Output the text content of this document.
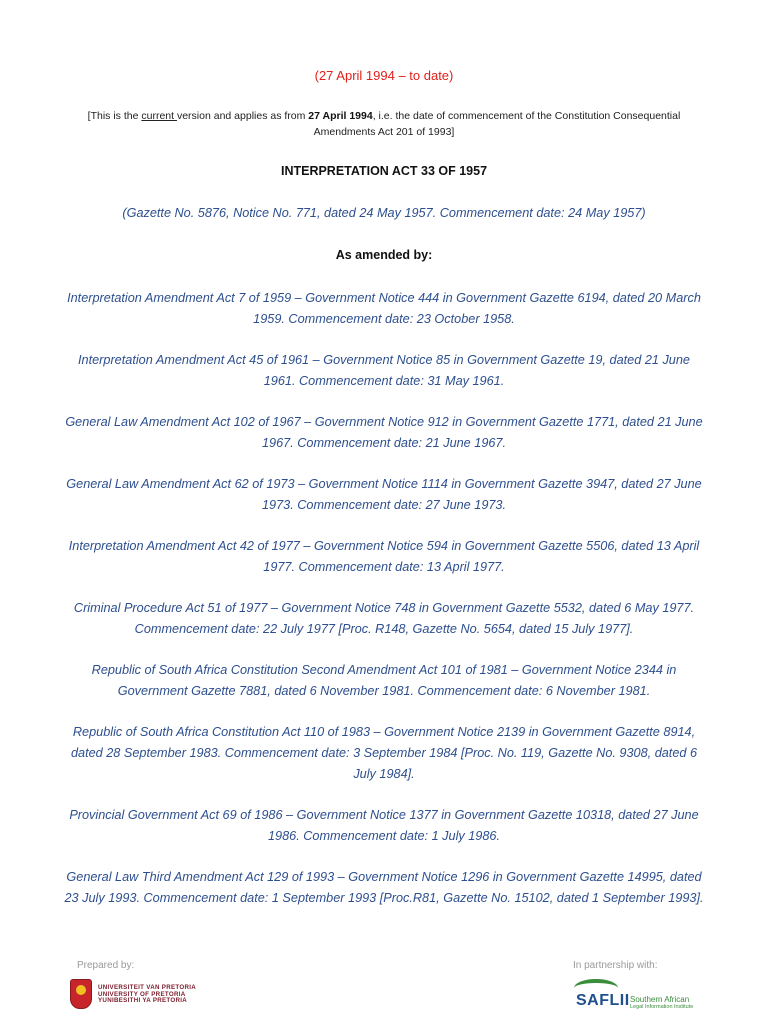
(27 April 1994 – to date)
[This is the current version and applies as from 27 April 1994, i.e. the date of commencement of the Constitution Consequential
Amendments Act 201 of 1993]
INTERPRETATION ACT 33 OF 1957
(Gazette No. 5876, Notice No. 771, dated 24 May 1957. Commencement date: 24 May 1957)
As amended by:

Interpretation Amendment Act 7 of 1959 – Government Notice 444 in Government Gazette 6194, dated 20 March 1959. Commencement date: 23 October 1958.

Interpretation Amendment Act 45 of 1961 – Government Notice 85 in Government Gazette 19, dated 21 June 1961. Commencement date: 31 May 1961.

General Law Amendment Act 102 of 1967 – Government Notice 912 in Government Gazette 1771, dated 21 June 1967. Commencement date: 21 June 1967.

General Law Amendment Act 62 of 1973 – Government Notice 1114 in Government Gazette 3947, dated 27 June 1973. Commencement date: 27 June 1973.

Interpretation Amendment Act 42 of 1977 – Government Notice 594 in Government Gazette 5506, dated 13 April 1977. Commencement date: 13 April 1977.

Criminal Procedure Act 51 of 1977 – Government Notice 748 in Government Gazette 5532, dated 6 May 1977. Commencement date: 22 July 1977 [Proc. R148, Gazette No. 5654, dated 15 July 1977].

Republic of South Africa Constitution Second Amendment Act 101 of 1981 – Government Notice 2344 in Government Gazette 7881, dated 6 November 1981. Commencement date: 6 November 1981.

Republic of South Africa Constitution Act 110 of 1983 – Government Notice 2139 in Government Gazette 8914, dated 28 September 1983. Commencement date: 3 September 1984 [Proc. No. 119, Gazette No. 9308, dated 6 July 1984].

Provincial Government Act 69 of 1986 – Government Notice 1377 in Government Gazette 10318, dated 27 June 1986. Commencement date: 1 July 1986.

General Law Third Amendment Act 129 of 1993 – Government Notice 1296 in Government Gazette 14995, dated 23 July 1993. Commencement date: 1 September 1993 [Proc.R81, Gazette No. 15102, dated 1 September 1993].

Prepared by:	In partnership with:
UNIVERSITEIT VAN PRETORIA
UNIVERSITY OF PRETORIA
YUNIBESITHI YA PRETORIA	SAFLII Southern African
Legal Information Institute
